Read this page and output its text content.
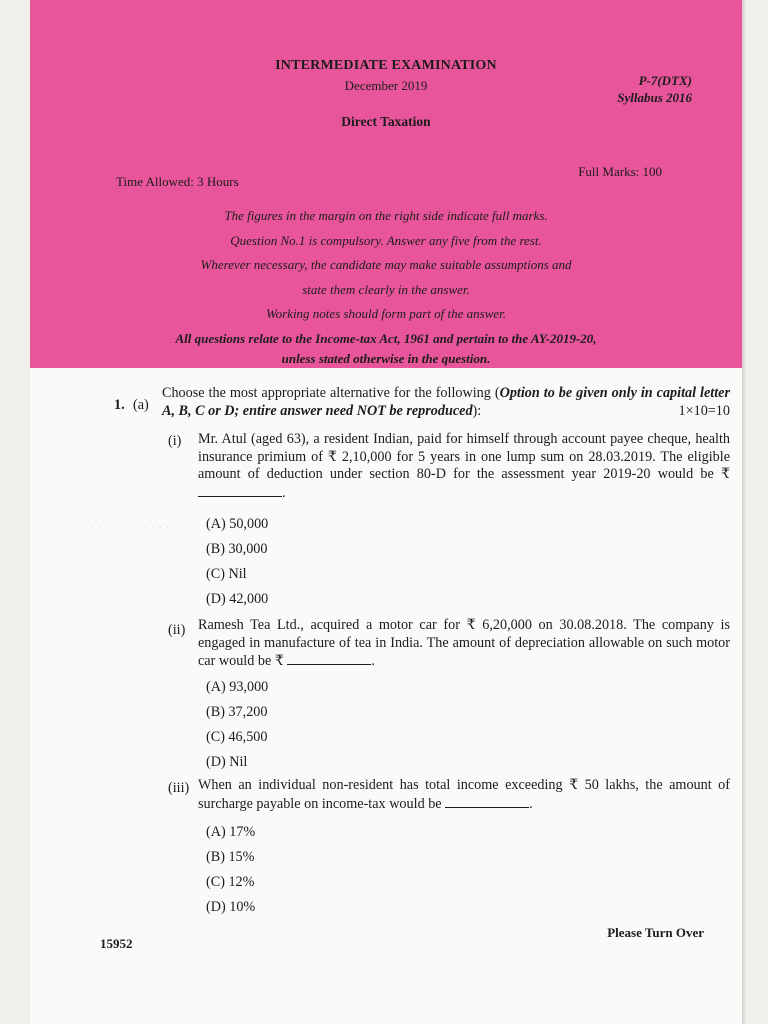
· · · · · · · · · · ·
INTERMEDIATE EXAMINATION
December 2019	P-7(DTX)
Syllabus 2016
Direct Taxation
Time Allowed: 3 Hours
Full Marks: 100
The figures in the margin on the right side indicate full marks.
Question No.1 is compulsory. Answer any five from the rest.
Wherever necessary, the candidate may make suitable assumptions and
state them clearly in the answer.
Working notes should form part of the answer.
All questions relate to the Income-tax Act, 1961 and pertain to the AY-2019-20,
unless stated otherwise in the question.
1. (a)
Choose the most appropriate alternative for the following (Option to be given only in capital letter A, B, C or D; entire answer need NOT be reproduced):	1×10=10
(i) Mr. Atul (aged 63), a resident Indian, paid for himself through account payee cheque, health insurance primium of ₹ 2,10,000 for 5 years in one lump sum on 28.03.2019. The eligible amount of deduction under section 80-D for the assessment year 2019-20 would be ₹ .
(A) 50,000
(B) 30,000
(C) Nil
(D) 42,000
(ii) Ramesh Tea Ltd., acquired a motor car for ₹ 6,20,000 on 30.08.2018. The company is engaged in manufacture of tea in India. The amount of depreciation allowable on such motor car would be ₹	.
(A) 93,000
(B) 37,200
(C) 46,500
(D) Nil
(iii) When an individual non-resident has total income exceeding ₹ 50 lakhs, the amount of surcharge payable on income-tax would be	.
(A) 17%
(B) 15%
(C) 12%
(D) 10%
15952
Please Turn Over
